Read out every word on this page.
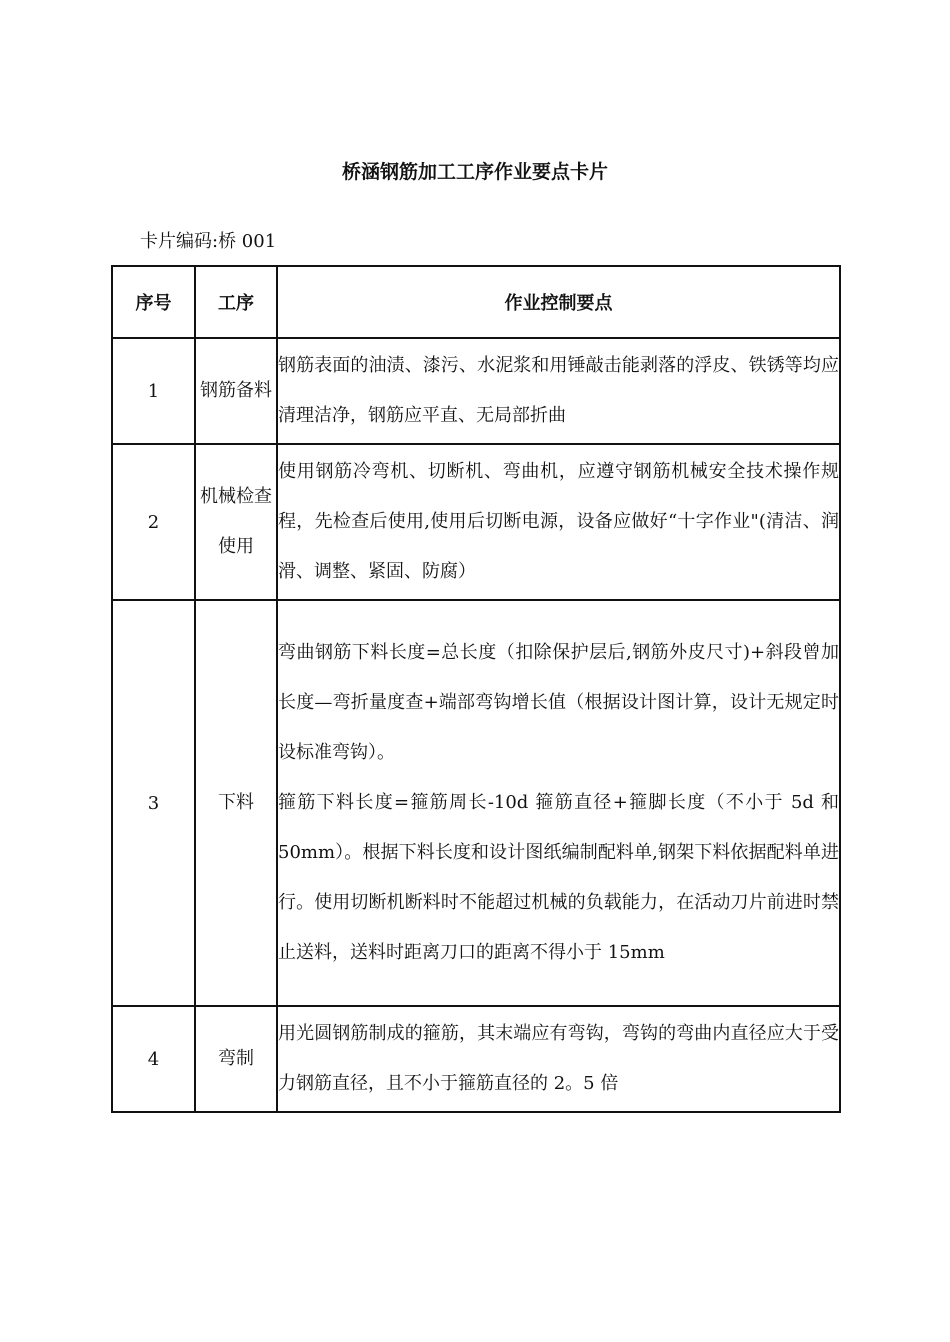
桥涵钢筋加工工序作业要点卡片
卡片编码:桥 001
序号	工序	作业控制要点
1	钢筋备料	钢筋表面的油渍、漆污、水泥浆和用锤敲击能剥落的浮皮、铁锈等均应清理洁净，钢筋应平直、无局部折曲

2	机械检查使用	使用钢筋冷弯机、切断机、弯曲机，应遵守钢筋机械安全技术操作规程，先检查后使用,使用后切断电源，设备应做好“十字作业"(清洁、润滑、调整、紧固、防腐）

3	下料	弯曲钢筋下料长度=总长度（扣除保护层后,钢筋外皮尺寸)+斜段曾加长度—弯折量度查+端部弯钩增长值（根据设计图计算，设计无规定时设标准弯钩）。

箍筋下料长度=箍筋周长-10d 箍筋直径+箍脚长度（不小于 5d 和 50mm）。根据下料长度和设计图纸编制配料单,钢架下料依据配料单进行。使用切断机断料时不能超过机械的负载能力，在活动刀片前进时禁止送料，送料时距离刀口的距离不得小于 15mm

4	弯制	用光圆钢筋制成的箍筋，其末端应有弯钩，弯钩的弯曲内直径应大于受力钢筋直径，且不小于箍筋直径的 2。5 倍
